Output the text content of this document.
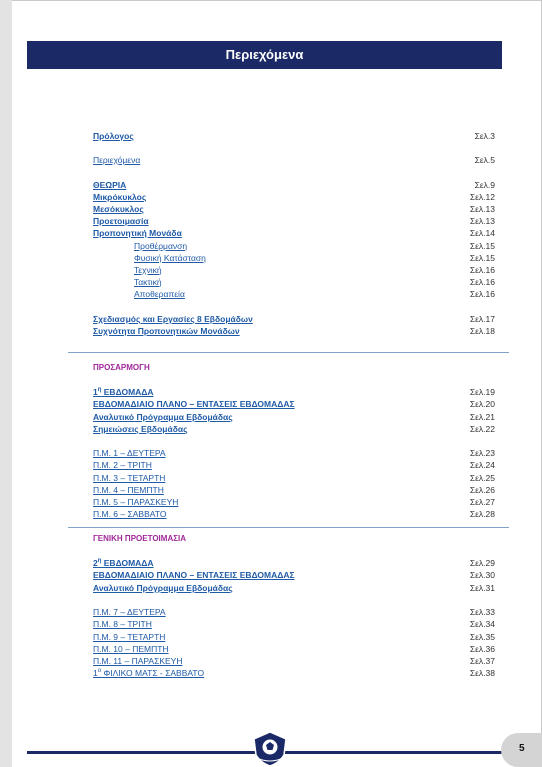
Περιεχόμενα
Πρόλογος	Σελ.3
Περιεχόμενα	Σελ.5
ΘΕΩΡΙΑ	Σελ.9
Μικρόκυκλος	Σελ.12
Μεσόκυκλος	Σελ.13
Προετοιμασία	Σελ.13
Προπονητική Μονάδα	Σελ.14
Προθέρμανση	Σελ.15
Φυσική Κατάσταση	Σελ.15
Τεχνική	Σελ.16
Τακτική	Σελ.16
Αποθεραπεία	Σελ.16
Σχεδιασμός και Εργασίες 8 Εβδομάδων	Σελ.17
Συχνότητα Προπονητικών Μονάδων	Σελ.18
ΠΡΟΣΑΡΜΟΓΗ
$1^\eta$ ΕΒΔΟΜΑΔΑ	Σελ.19
ΕΒΔΟΜΑΔΙΑΙΟ ΠΛΑΝΟ – ΕΝΤΑΣΕΙΣ ΕΒΔΟΜΑΔΑΣ	Σελ.20
Αναλυτικό Πρόγραμμα Εβδομάδας	Σελ.21
Σημειώσεις Εβδομάδας	Σελ.22
Π.Μ. 1 – ΔΕΥΤΕΡΑ	Σελ.23
Π.Μ. 2 – ΤΡΙΤΗ	Σελ.24
Π.Μ. 3 – ΤΕΤΑΡΤΗ	Σελ.25
Π.Μ. 4 – ΠΕΜΠΤΗ	Σελ.26
Π.Μ. 5 – ΠΑΡΑΣΚΕΥΗ	Σελ.27
Π.Μ. 6 – ΣΑΒΒΑΤΟ	Σελ.28
ΓΕΝΙΚΗ ΠΡΟΕΤΟΙΜΑΣΙΑ
$2^\eta$ ΕΒΔΟΜΑΔΑ	Σελ.29
ΕΒΔΟΜΑΔΙΑΙΟ ΠΛΑΝΟ – ΕΝΤΑΣΕΙΣ ΕΒΔΟΜΑΔΑΣ	Σελ.30
Αναλυτικό Πρόγραμμα Εβδομάδας	Σελ.31
Π.Μ. 7 – ΔΕΥΤΕΡΑ	Σελ.33
Π.Μ. 8 – ΤΡΙΤΗ	Σελ.34
Π.Μ. 9 – ΤΕΤΑΡΤΗ	Σελ.35
Π.Μ. 10 – ΠΕΜΠΤΗ	Σελ.36
Π.Μ. 11 – ΠΑΡΑΣΚΕΥΗ	Σελ.37
$1^o$ ΦΙΛΙΚΟ ΜΑΤΣ - ΣΑΒΒΑΤΟ	Σελ.38
5
